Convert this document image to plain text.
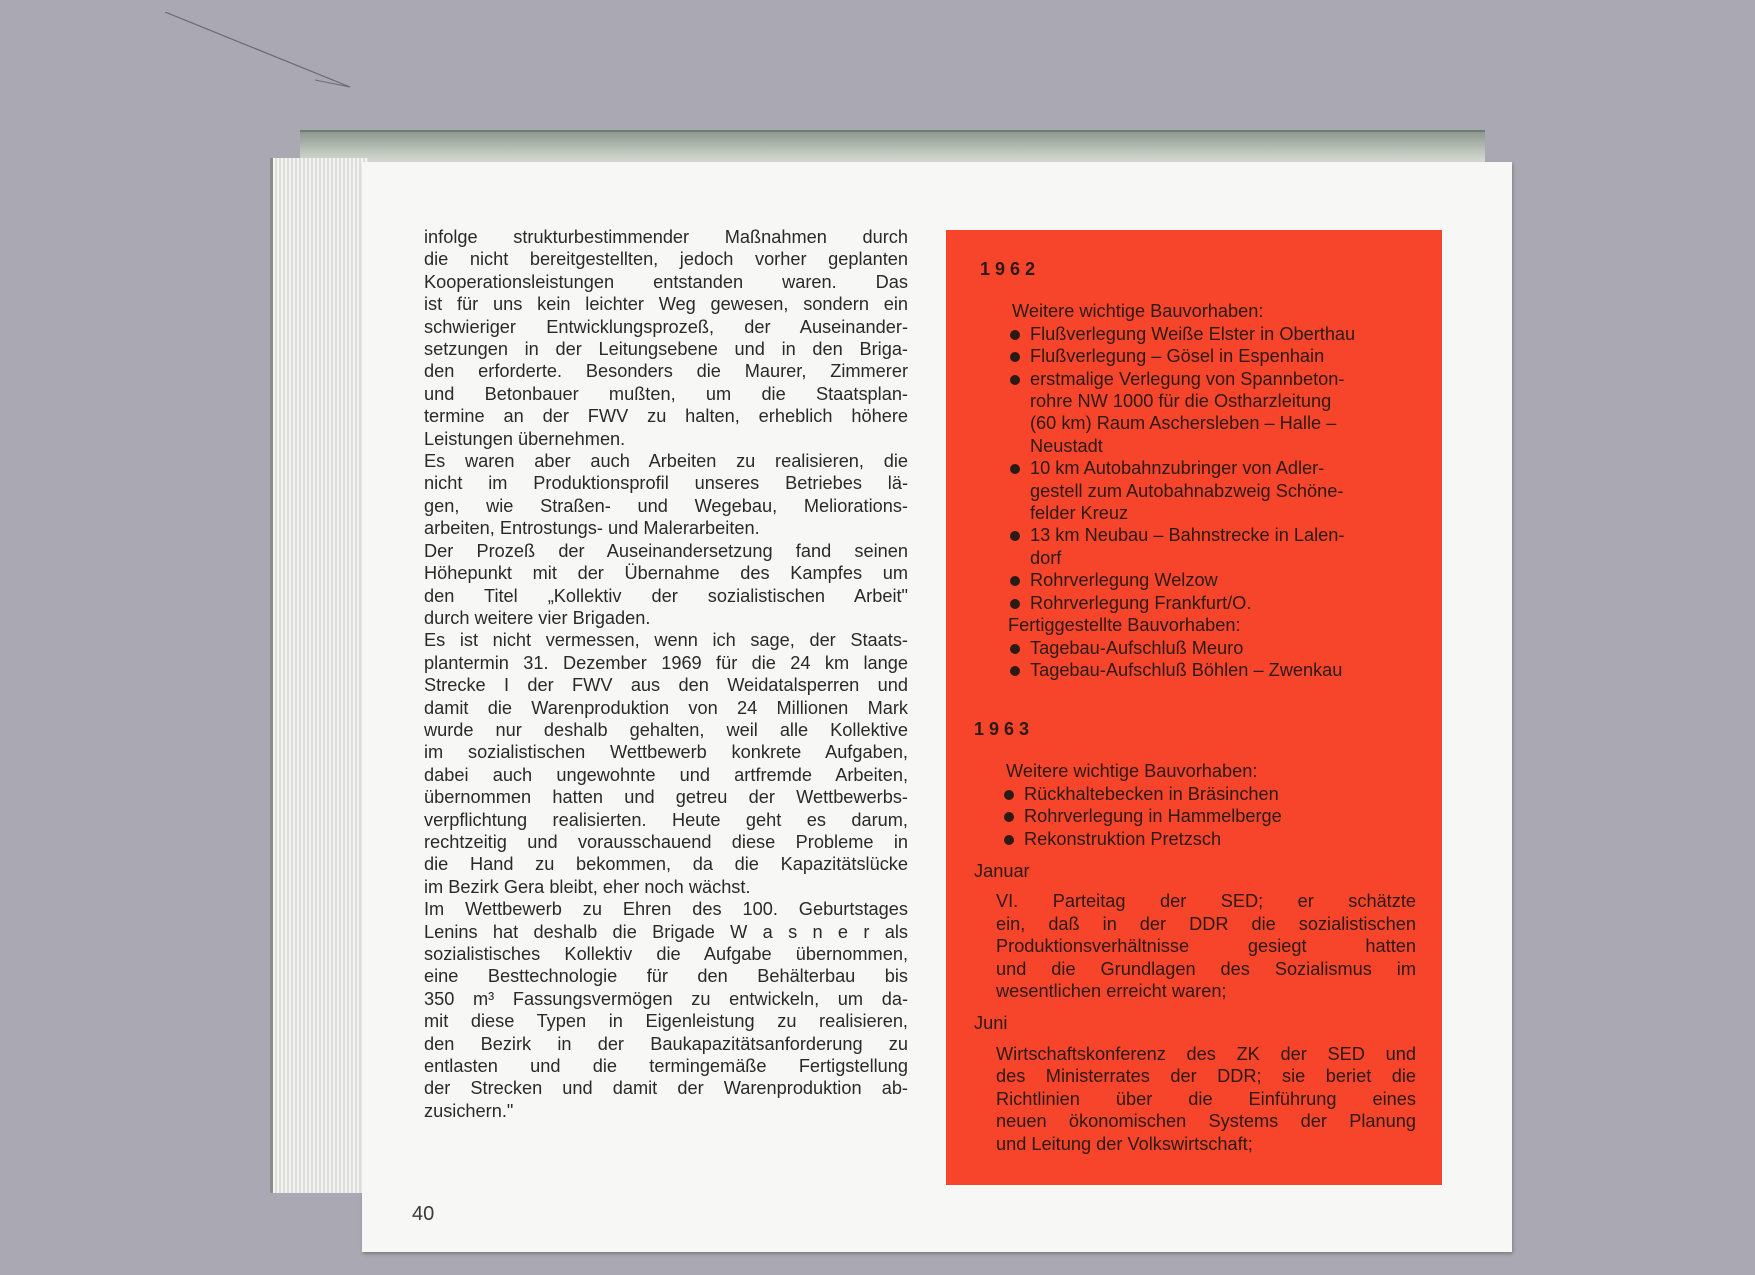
infolge strukturbestimmender Maßnahmen durch
die nicht bereitgestellten, jedoch vorher geplanten
Kooperationsleistungen entstanden waren. Das
ist für uns kein leichter Weg gewesen, sondern ein
schwieriger Entwicklungsprozeß, der Auseinander-
setzungen in der Leitungsebene und in den Briga-
den erforderte. Besonders die Maurer, Zimmerer
und Betonbauer mußten, um die Staatsplan-
termine an der FWV zu halten, erheblich höhere
Leistungen übernehmen.
Es waren aber auch Arbeiten zu realisieren, die
nicht im Produktionsprofil unseres Betriebes lä-
gen, wie Straßen- und Wegebau, Meliorations-
arbeiten, Entrostungs- und Malerarbeiten.
Der Prozeß der Auseinandersetzung fand seinen
Höhepunkt mit der Übernahme des Kampfes um
den Titel „Kollektiv der sozialistischen Arbeit"
durch weitere vier Brigaden.
Es ist nicht vermessen, wenn ich sage, der Staats-
plantermin 31. Dezember 1969 für die 24 km lange
Strecke I der FWV aus den Weidatalsperren und
damit die Warenproduktion von 24 Millionen Mark
wurde nur deshalb gehalten, weil alle Kollektive
im sozialistischen Wettbewerb konkrete Aufgaben,
dabei auch ungewohnte und artfremde Arbeiten,
übernommen hatten und getreu der Wettbewerbs-
verpflichtung realisierten. Heute geht es darum,
rechtzeitig und vorausschauend diese Probleme in
die Hand zu bekommen, da die Kapazitätslücke
im Bezirk Gera bleibt, eher noch wächst.
Im Wettbewerb zu Ehren des 100. Geburtstages
Lenins hat deshalb die Brigade W a s n e r als
sozialistisches Kollektiv die Aufgabe übernommen,
eine Besttechnologie für den Behälterbau bis
350 m³ Fassungsvermögen zu entwickeln, um da-
mit diese Typen in Eigenleistung zu realisieren,
den Bezirk in der Baukapazitätsanforderung zu
entlasten und die termingemäße Fertigstellung
der Strecken und damit der Warenproduktion ab-
zusichern."
40
1962
Weitere wichtige Bauvorhaben:
Flußverlegung Weiße Elster in Oberthau
Flußverlegung – Gösel in Espenhain
erstmalige Verlegung von Spannbeton-
rohre NW 1000 für die Ostharzleitung
(60 km) Raum Aschersleben – Halle –
Neustadt
10 km Autobahnzubringer von Adler-
gestell zum Autobahnabzweig Schöne-
felder Kreuz
13 km Neubau – Bahnstrecke in Lalen-
dorf
Rohrverlegung Welzow
Rohrverlegung Frankfurt/O.
Fertiggestellte Bauvorhaben:
Tagebau-Aufschluß Meuro
Tagebau-Aufschluß Böhlen – Zwenkau
1963
Weitere wichtige Bauvorhaben:
Rückhaltebecken in Bräsinchen
Rohrverlegung in Hammelberge
Rekonstruktion Pretzsch
Januar
VI. Parteitag der SED; er schätzte
ein, daß in der DDR die sozialistischen
Produktionsverhältnisse gesiegt hatten
und die Grundlagen des Sozialismus im
wesentlichen erreicht waren;
Juni
Wirtschaftskonferenz des ZK der SED und
des Ministerrates der DDR; sie beriet die
Richtlinien über die Einführung eines
neuen ökonomischen Systems der Planung
und Leitung der Volkswirtschaft;
